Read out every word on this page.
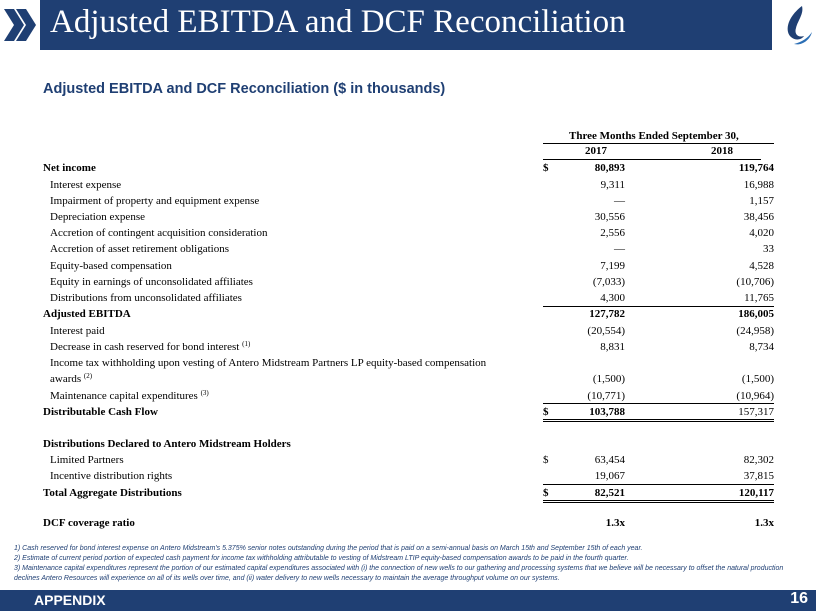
Adjusted EBITDA and DCF Reconciliation
Adjusted EBITDA and DCF Reconciliation ($ in thousands)
Three Months Ended September 30,
2017	2018
Net income	$	80,893	119,764
Interest expense	9,311	16,988
Impairment of property and equipment expense	—	1,157
Depreciation expense	30,556	38,456
Accretion of contingent acquisition consideration	2,556	4,020
Accretion of asset retirement obligations	—	33
Equity-based compensation	7,199	4,528
Equity in earnings of unconsolidated affiliates	(7,033)	(10,706)
Distributions from unconsolidated affiliates	4,300	11,765
Adjusted EBITDA	127,782	186,005
Interest paid	(20,554)	(24,958)
Decrease in cash reserved for bond interest $^{(1)}$	8,831	8,734
Income tax withholding upon vesting of Antero Midstream Partners LP equity-based compensation
awards $^{(2)}$	(1,500)	(1,500)
Maintenance capital expenditures $^{(3)}$	(10,771)	(10,964)
Distributable Cash Flow	$	103,788	157,317
Distributions Declared to Antero Midstream Holders
Limited Partners	$	63,454	82,302
Incentive distribution rights	19,067	37,815
Total Aggregate Distributions	$	82,521	120,117
DCF coverage ratio	1.3x	1.3x
1) Cash reserved for bond interest expense on Antero Midstream's 5.375% senior notes outstanding during the period that is paid on a semi-annual basis on March 15th and September 15th of each year.
2) Estimate of current period portion of expected cash payment for income tax withholding attributable to vesting of Midstream LTIP equity-based compensation awards to be paid in the fourth quarter.
3) Maintenance capital expenditures represent the portion of our estimated capital expenditures associated with (i) the connection of new wells to our gathering and processing systems that we believe will be necessary to offset the natural production declines Antero Resources will experience on all of its wells over time, and (ii) water delivery to new wells necessary to maintain the average throughput volume on our systems.
APPENDIX	16
